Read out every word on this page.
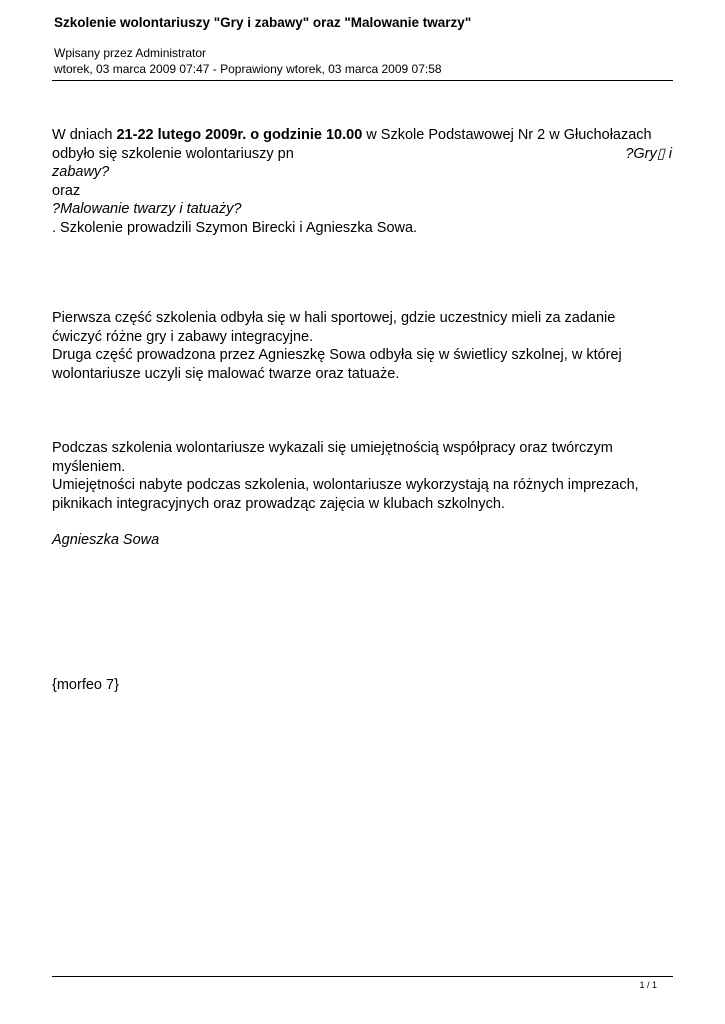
Szkolenie wolontariuszy "Gry i zabawy" oraz "Malowanie twarzy"
Wpisany przez Administrator
wtorek, 03 marca 2009 07:47 - Poprawiony wtorek, 03 marca 2009 07:58

W dniach 21-22 lutego 2009r. o godzinie 10.00 w Szkole Podstawowej Nr 2 w Głuchołazach

odbyło się szkolenie wolontariuszy pn	?Gry▯ i

zabawy?

oraz

?Malowanie twarzy i tatuaży?

. Szkolenie prowadzili Szymon Birecki i Agnieszka Sowa.

Pierwsza część szkolenia odbyła się w hali sportowej, gdzie uczestnicy mieli za zadanie

ćwiczyć różne gry i zabawy integracyjne.

Druga część prowadzona przez Agnieszkę Sowa odbyła się w świetlicy szkolnej, w której

wolontariusze uczyli się malować twarze oraz tatuaże.

Podczas szkolenia wolontariusze wykazali się umiejętnością współpracy oraz twórczym

myśleniem.

Umiejętności nabyte podczas szkolenia, wolontariusze wykorzystają na różnych imprezach,

piknikach integracyjnych oraz prowadząc zajęcia w klubach szkolnych.

Agnieszka Sowa

{morfeo 7}

1 / 1
